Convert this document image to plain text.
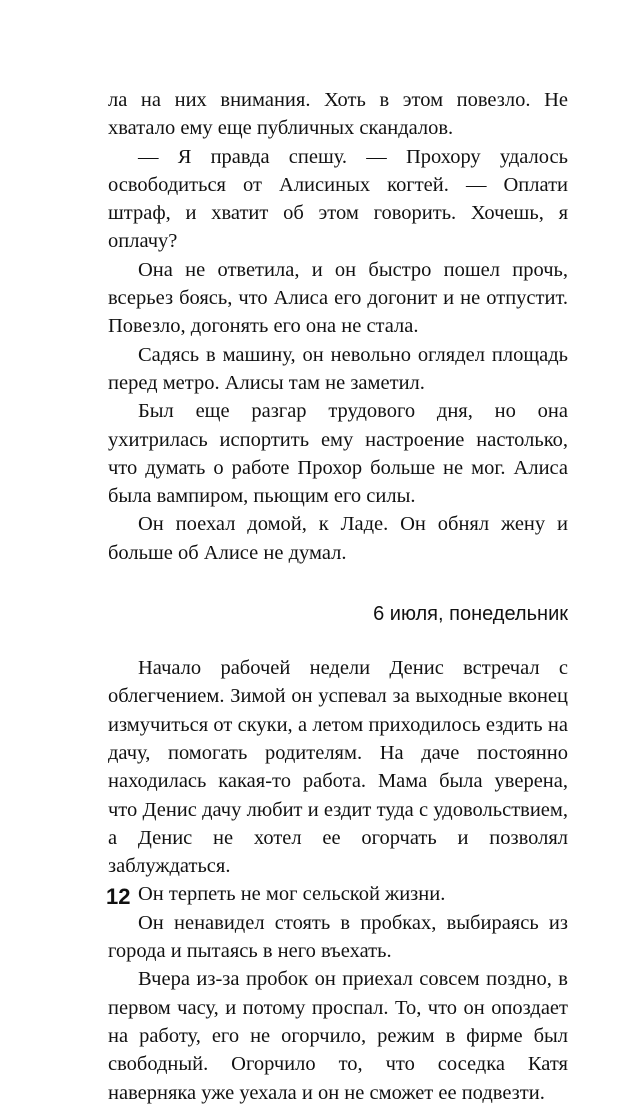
ла на них внимания. Хоть в этом повезло. Не хватало ему еще публичных скандалов.

— Я правда спешу. — Прохору удалось освободиться от Алисиных когтей. — Оплати штраф, и хватит об этом говорить. Хочешь, я оплачу?

Она не ответила, и он быстро пошел прочь, всерьез боясь, что Алиса его догонит и не отпустит. Повезло, догонять его она не стала.

Садясь в машину, он невольно оглядел площадь перед метро. Алисы там не заметил.

Был еще разгар трудового дня, но она ухитрилась испортить ему настроение настолько, что думать о работе Прохор больше не мог. Алиса была вампиром, пьющим его силы.

Он поехал домой, к Ладе. Он обнял жену и больше об Алисе не думал.

6 июля, понедельник

Начало рабочей недели Денис встречал с облегчением. Зимой он успевал за выходные вконец измучиться от скуки, а летом приходилось ездить на дачу, помогать родителям. На даче постоянно находилась какая-то работа. Мама была уверена, что Денис дачу любит и ездит туда с удовольствием, а Денис не хотел ее огорчать и позволял заблуждаться.

Он терпеть не мог сельской жизни.

Он ненавидел стоять в пробках, выбираясь из города и пытаясь в него въехать.

Вчера из-за пробок он приехал совсем поздно, в первом часу, и потому проспал. То, что он опоздает на работу, его не огорчило, режим в фирме был свободный. Огорчило то, что соседка Катя наверняка уже уехала и он не сможет ее подвезти.

12
